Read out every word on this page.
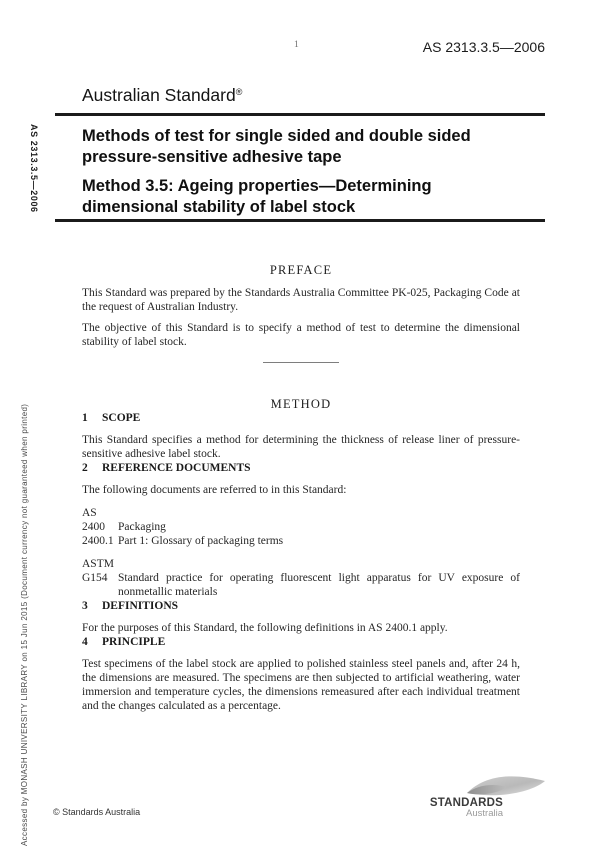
AS 2313.3.5—2006
Accessed by MONASH UNIVERSITY LIBRARY on 15 Jun 2015 (Document currency not guaranteed when printed)
1	AS 2313.3.5—2006
Australian Standard®
Methods of test for single sided and double sided
pressure-sensitive adhesive tape
Method 3.5: Ageing properties—Determining
dimensional stability of label stock
PREFACE

This Standard was prepared by the Standards Australia Committee PK-025, Packaging Code at the request of Australian Industry.

The objective of this Standard is to specify a method of test to determine the dimensional stability of label stock.

METHOD

1 SCOPE

This Standard specifies a method for determining the thickness of release liner of pressure-sensitive adhesive label stock.

2 REFERENCE DOCUMENTS

The following documents are referred to in this Standard:

AS

2400	Packaging

2400.1 Part 1: Glossary of packaging terms

ASTM

G154 Standard practice for operating fluorescent light apparatus for UV exposure of nonmetallic materials

3 DEFINITIONS

For the purposes of this Standard, the following definitions in AS 2400.1 apply.

4 PRINCIPLE

Test specimens of the label stock are applied to polished stainless steel panels and, after 24 h, the dimensions are measured. The specimens are then subjected to artificial weathering, water immersion and temperature cycles, the dimensions remeasured after each individual treatment and the changes calculated as a percentage.

© Standards Australia
STANDARDS
Australia
